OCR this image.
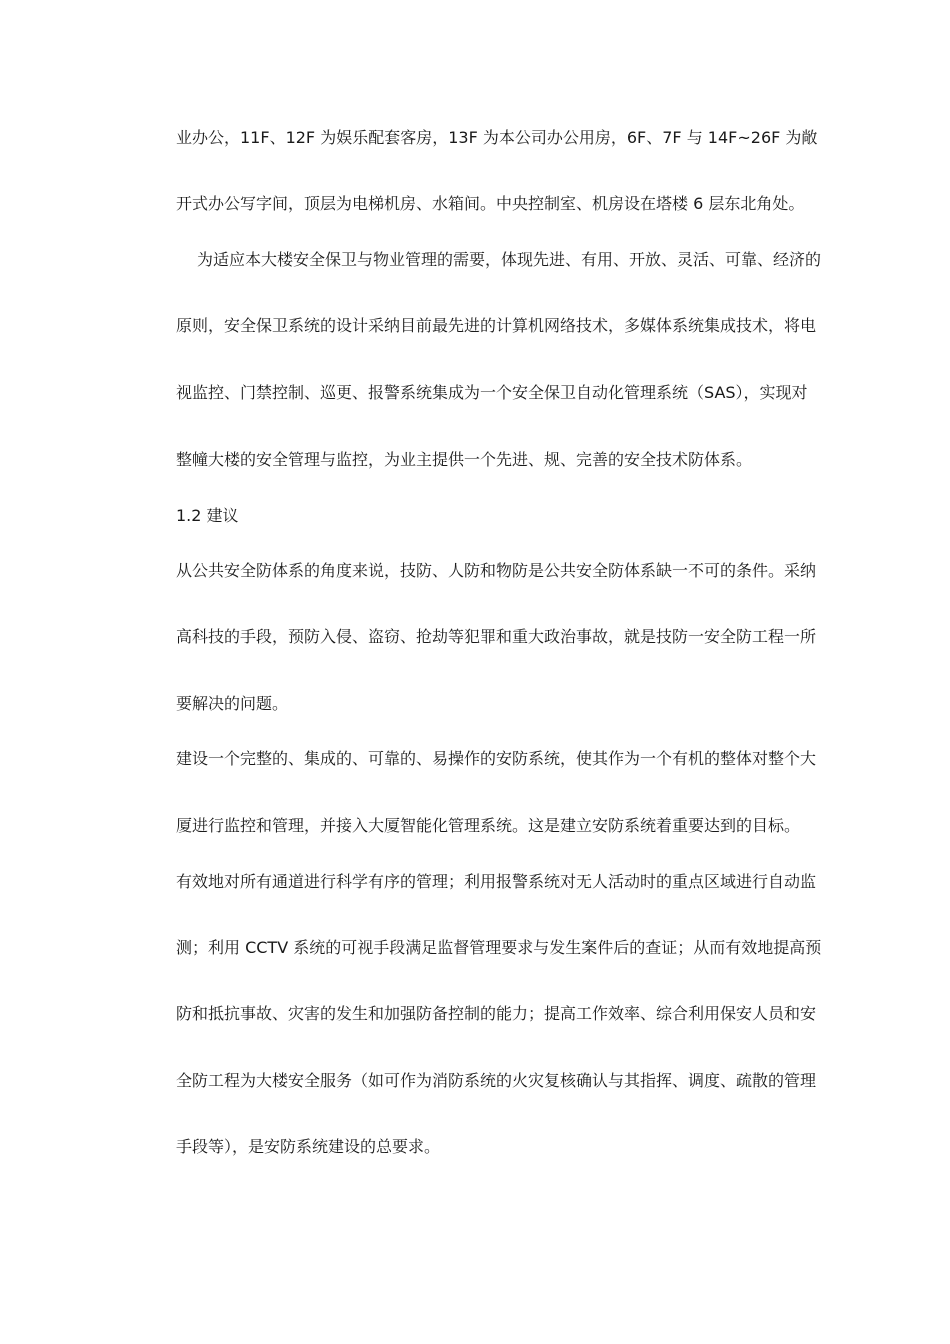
业办公，11F、12F 为娱乐配套客房，13F 为本公司办公用房，6F、7F 与 14F~26F 为敞
开式办公写字间，顶层为电梯机房、水箱间。中央控制室、机房设在塔楼 6 层东北角处。
为适应本大楼安全保卫与物业管理的需要，体现先进、有用、开放、灵活、可靠、经济的
原则，安全保卫系统的设计采纳目前最先进的计算机网络技术，多媒体系统集成技术，将电
视监控、门禁控制、巡更、报警系统集成为一个安全保卫自动化管理系统（SAS），实现对
整幢大楼的安全管理与监控，为业主提供一个先进、规、完善的安全技术防体系。
1.2 建议
从公共安全防体系的角度来说，技防、人防和物防是公共安全防体系缺一不可的条件。采纳
高科技的手段，预防入侵、盗窃、抢劫等犯罪和重大政治事故，就是技防一安全防工程一所
要解决的问题。
建设一个完整的、集成的、可靠的、易操作的安防系统，使其作为一个有机的整体对整个大
厦进行监控和管理，并接入大厦智能化管理系统。这是建立安防系统着重要达到的目标。
有效地对所有通道进行科学有序的管理；利用报警系统对无人活动时的重点区域进行自动监
测；利用 CCTV 系统的可视手段满足监督管理要求与发生案件后的查证；从而有效地提高预
防和抵抗事故、灾害的发生和加强防备控制的能力；提高工作效率、综合利用保安人员和安
全防工程为大楼安全服务（如可作为消防系统的火灾复核确认与其指挥、调度、疏散的管理
手段等），是安防系统建设的总要求。
